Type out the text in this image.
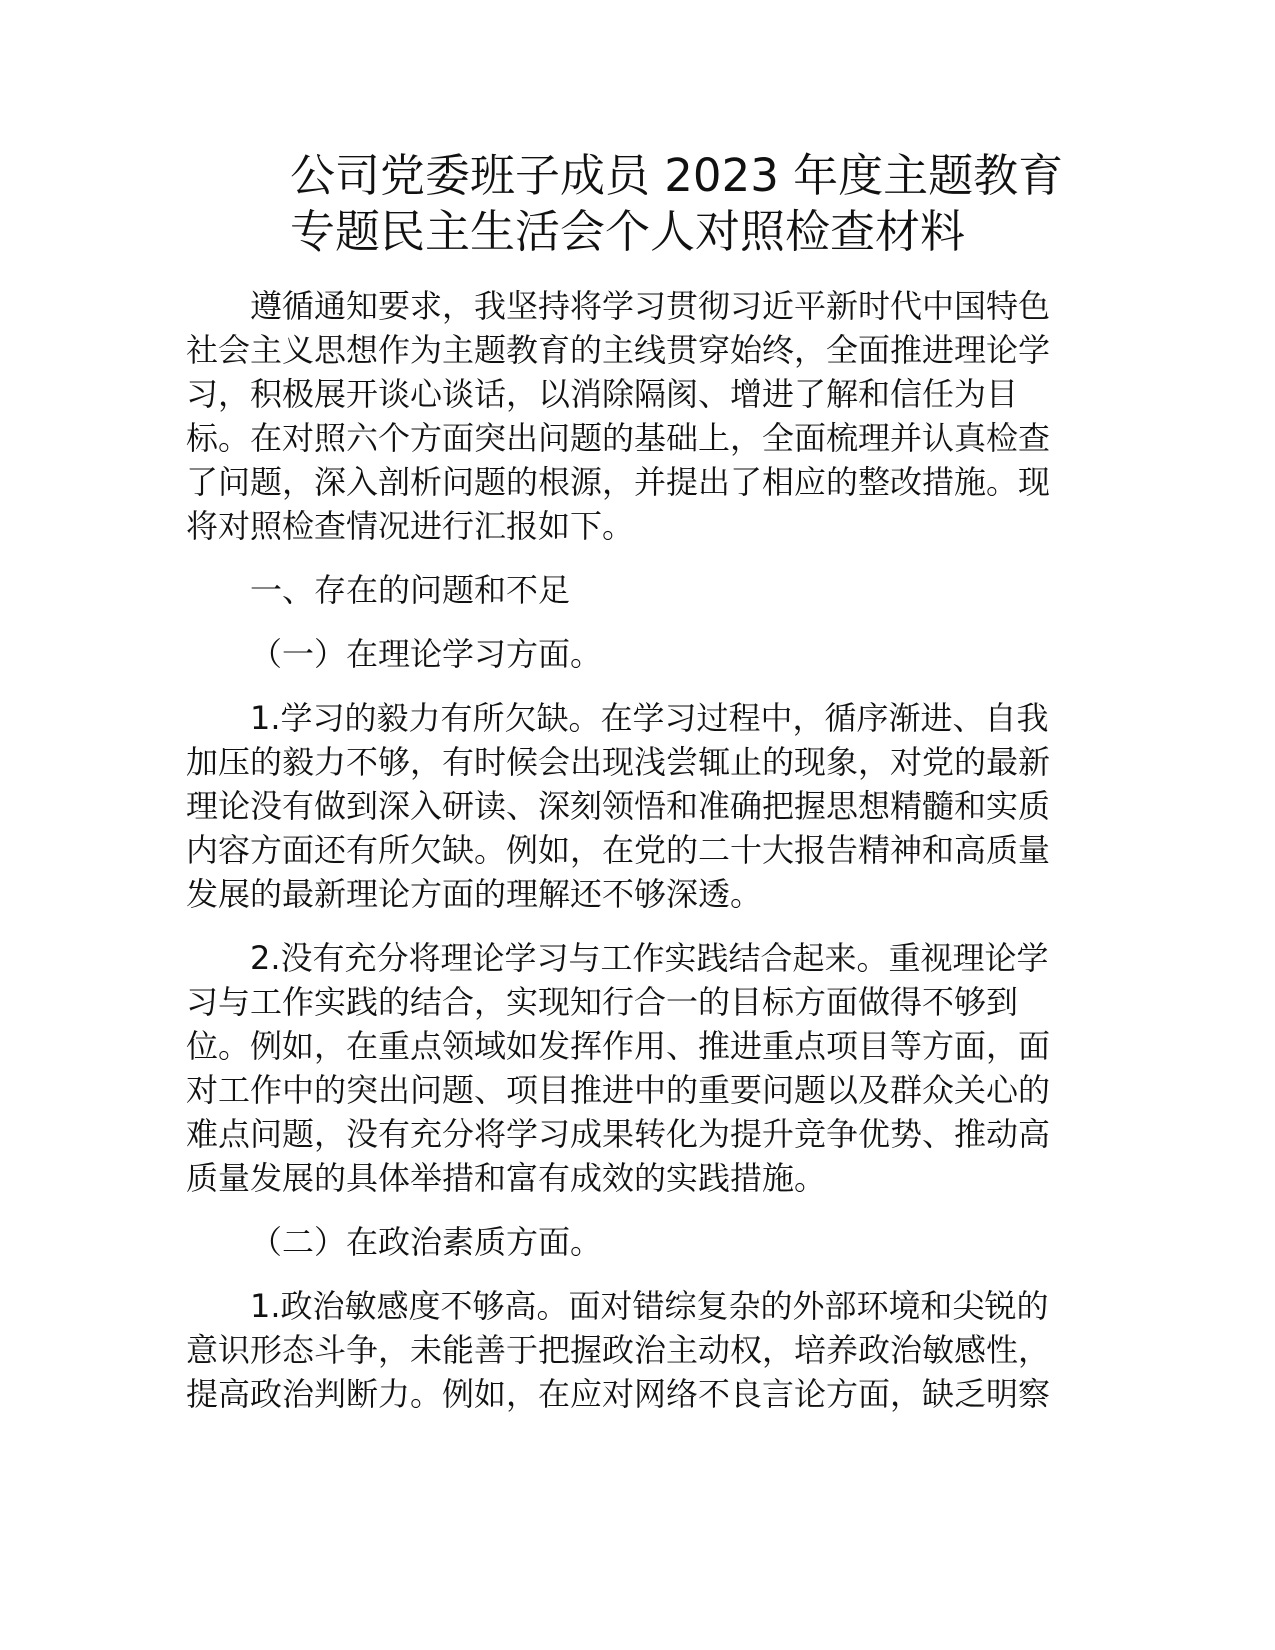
公司党委班子成员 2023 年度主题教育
专题民主生活会个人对照检查材料

遵循通知要求，我坚持将学习贯彻习近平新时代中国特色
社会主义思想作为主题教育的主线贯穿始终，全面推进理论学
习，积极展开谈心谈话，以消除隔阂、增进了解和信任为目
标。在对照六个方面突出问题的基础上，全面梳理并认真检查
了问题，深入剖析问题的根源，并提出了相应的整改措施。现
将对照检查情况进行汇报如下。

一、存在的问题和不足

（一）在理论学习方面。

1.学习的毅力有所欠缺。在学习过程中，循序渐进、自我
加压的毅力不够，有时候会出现浅尝辄止的现象，对党的最新
理论没有做到深入研读、深刻领悟和准确把握思想精髓和实质
内容方面还有所欠缺。例如，在党的二十大报告精神和高质量
发展的最新理论方面的理解还不够深透。

2.没有充分将理论学习与工作实践结合起来。重视理论学
习与工作实践的结合，实现知行合一的目标方面做得不够到
位。例如，在重点领域如发挥作用、推进重点项目等方面，面
对工作中的突出问题、项目推进中的重要问题以及群众关心的
难点问题，没有充分将学习成果转化为提升竞争优势、推动高
质量发展的具体举措和富有成效的实践措施。

（二）在政治素质方面。

1.政治敏感度不够高。面对错综复杂的外部环境和尖锐的
意识形态斗争，未能善于把握政治主动权，培养政治敏感性，
提高政治判断力。例如，在应对网络不良言论方面，缺乏明察
